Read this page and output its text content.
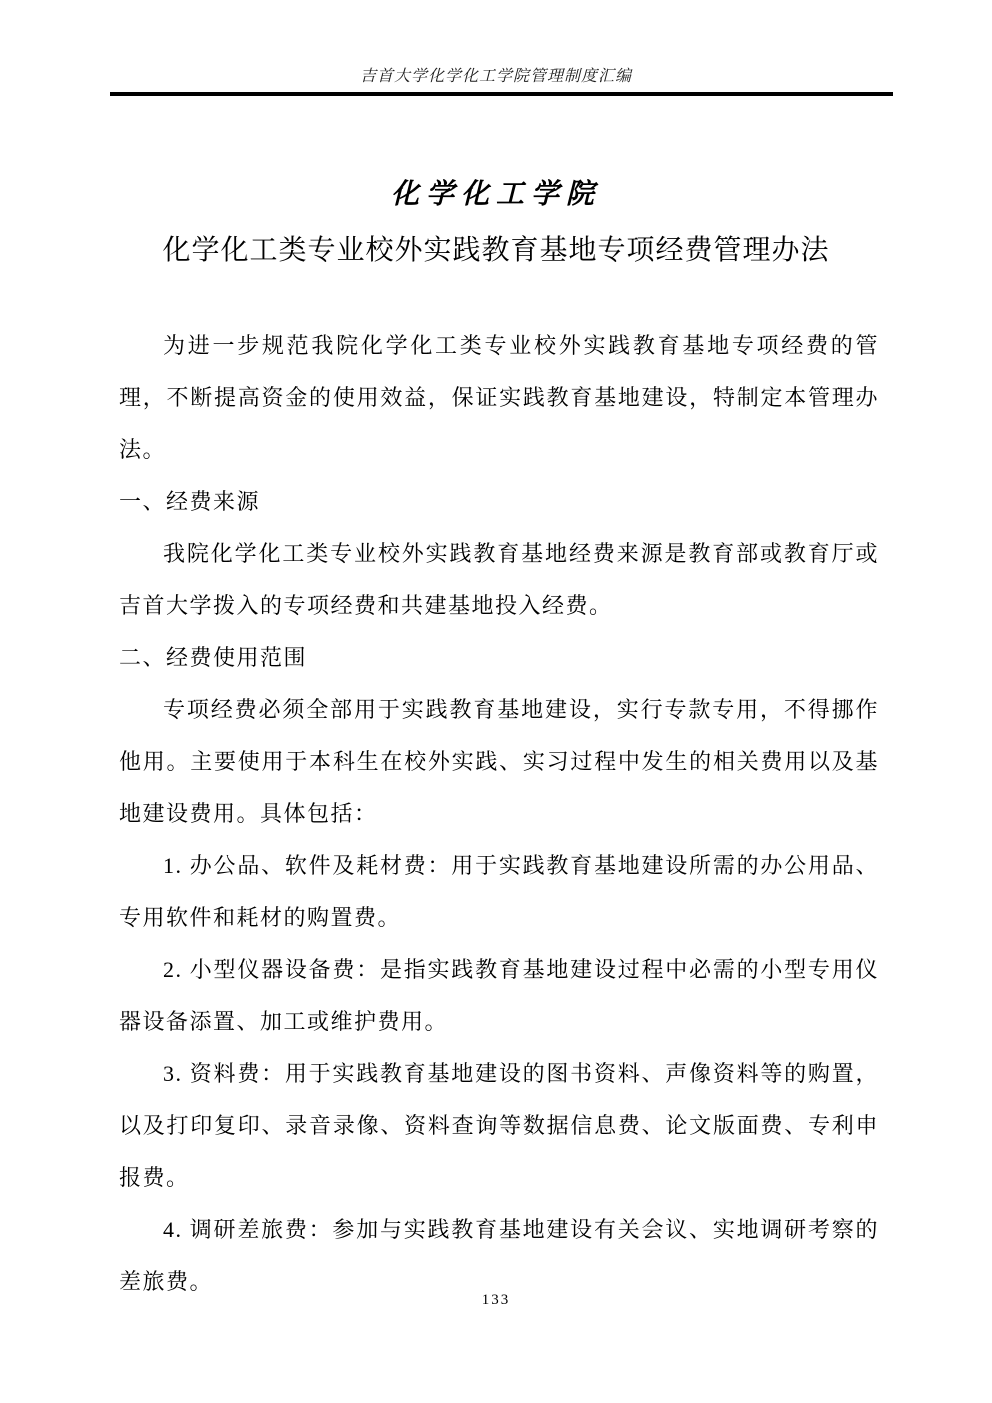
吉首大学化学化工学院管理制度汇编
化学化工学院
化学化工类专业校外实践教育基地专项经费管理办法
为进一步规范我院化学化工类专业校外实践教育基地专项经费的管理，不断提高资金的使用效益，保证实践教育基地建设，特制定本管理办法。
一、经费来源
我院化学化工类专业校外实践教育基地经费来源是教育部或教育厅或吉首大学拨入的专项经费和共建基地投入经费。
二、经费使用范围
专项经费必须全部用于实践教育基地建设，实行专款专用，不得挪作他用。主要使用于本科生在校外实践、实习过程中发生的相关费用以及基地建设费用。具体包括：
1. 办公品、软件及耗材费：用于实践教育基地建设所需的办公用品、专用软件和耗材的购置费。
2. 小型仪器设备费：是指实践教育基地建设过程中必需的小型专用仪器设备添置、加工或维护费用。
3. 资料费：用于实践教育基地建设的图书资料、声像资料等的购置，以及打印复印、录音录像、资料查询等数据信息费、论文版面费、专利申报费。
4. 调研差旅费：参加与实践教育基地建设有关会议、实地调研考察的差旅费。
133
